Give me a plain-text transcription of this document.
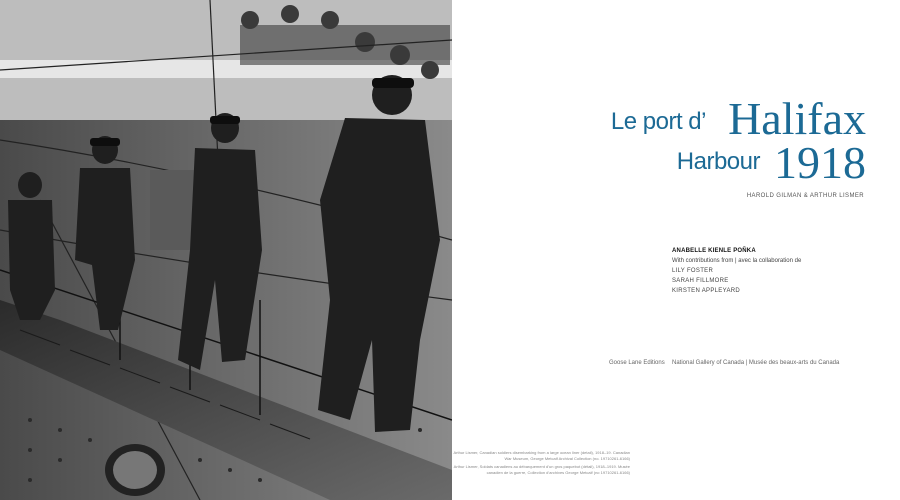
Le port d’ Halifax
Harbour 1918
HAROLD GILMAN & ARTHUR LISMER
ANABELLE KIENLE POŇKA
With contributions from | avec la collaboration de
LILY FOSTER
SARAH FILLMORE
KIRSTEN APPLEYARD
Goose Lane Editions National Gallery of Canada | Musée des beaux-arts du Canada

Arthur Lismer, Canadian soldiers disembarking from a large ocean liner (detail), 1918–19. Canadian War Museum, George Metcalf Archival Collection (no. 19710261-6166)

Arthur Lismer, Soldats canadiens au débarquement d’un gros paquebot (détail), 1918–1919. Musée canadien de la guerre, Collection d’archives George Metcalf (no 19710261-6166)
